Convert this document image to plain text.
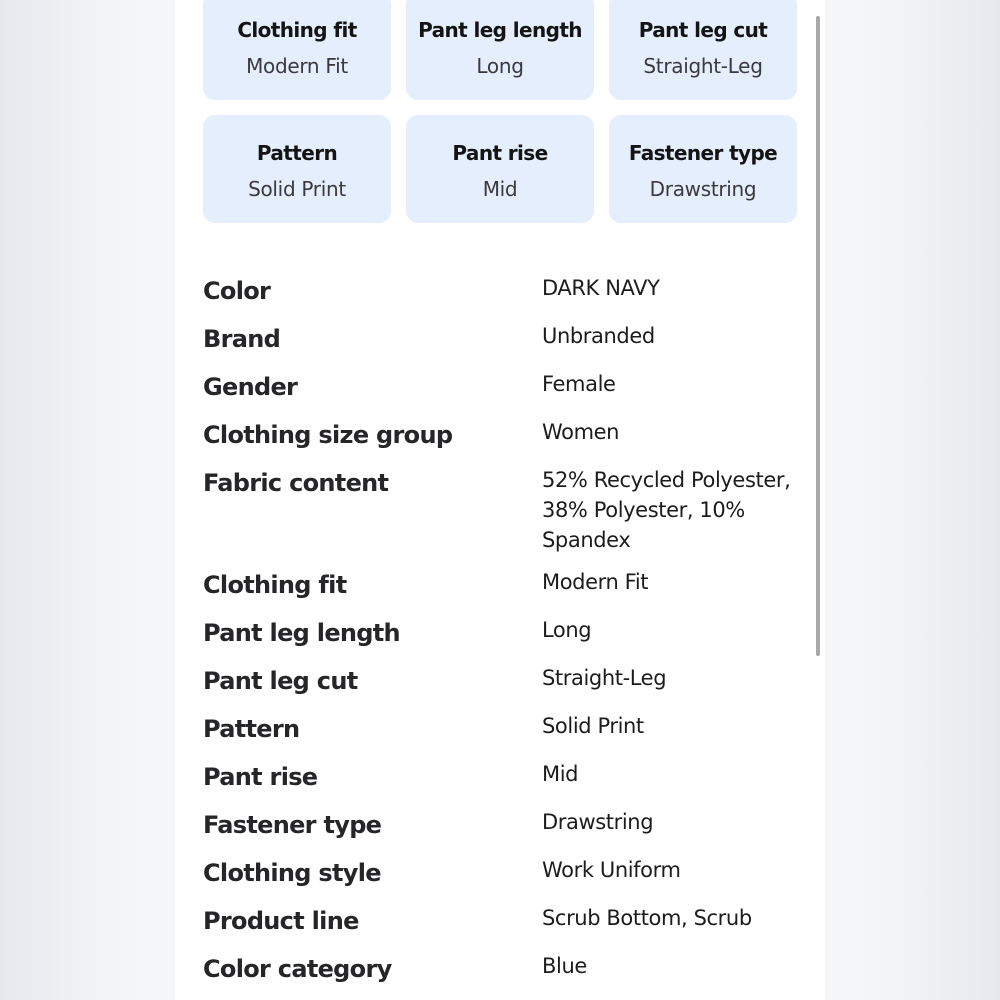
Clothing fit
Modern Fit
Pant leg length
Long
Pant leg cut
Straight-Leg
Pattern
Solid Print
Pant rise
Mid
Fastener type
Drawstring
Color	DARK NAVY
Brand	Unbranded
Gender	Female
Clothing size group	Women
Fabric content	52% Recycled Polyester, 38% Polyester, 10% Spandex
Clothing fit	Modern Fit
Pant leg length	Long
Pant leg cut	Straight-Leg
Pattern	Solid Print
Pant rise	Mid
Fastener type	Drawstring
Clothing style	Work Uniform
Product line	Scrub Bottom, Scrub
Color category	Blue
